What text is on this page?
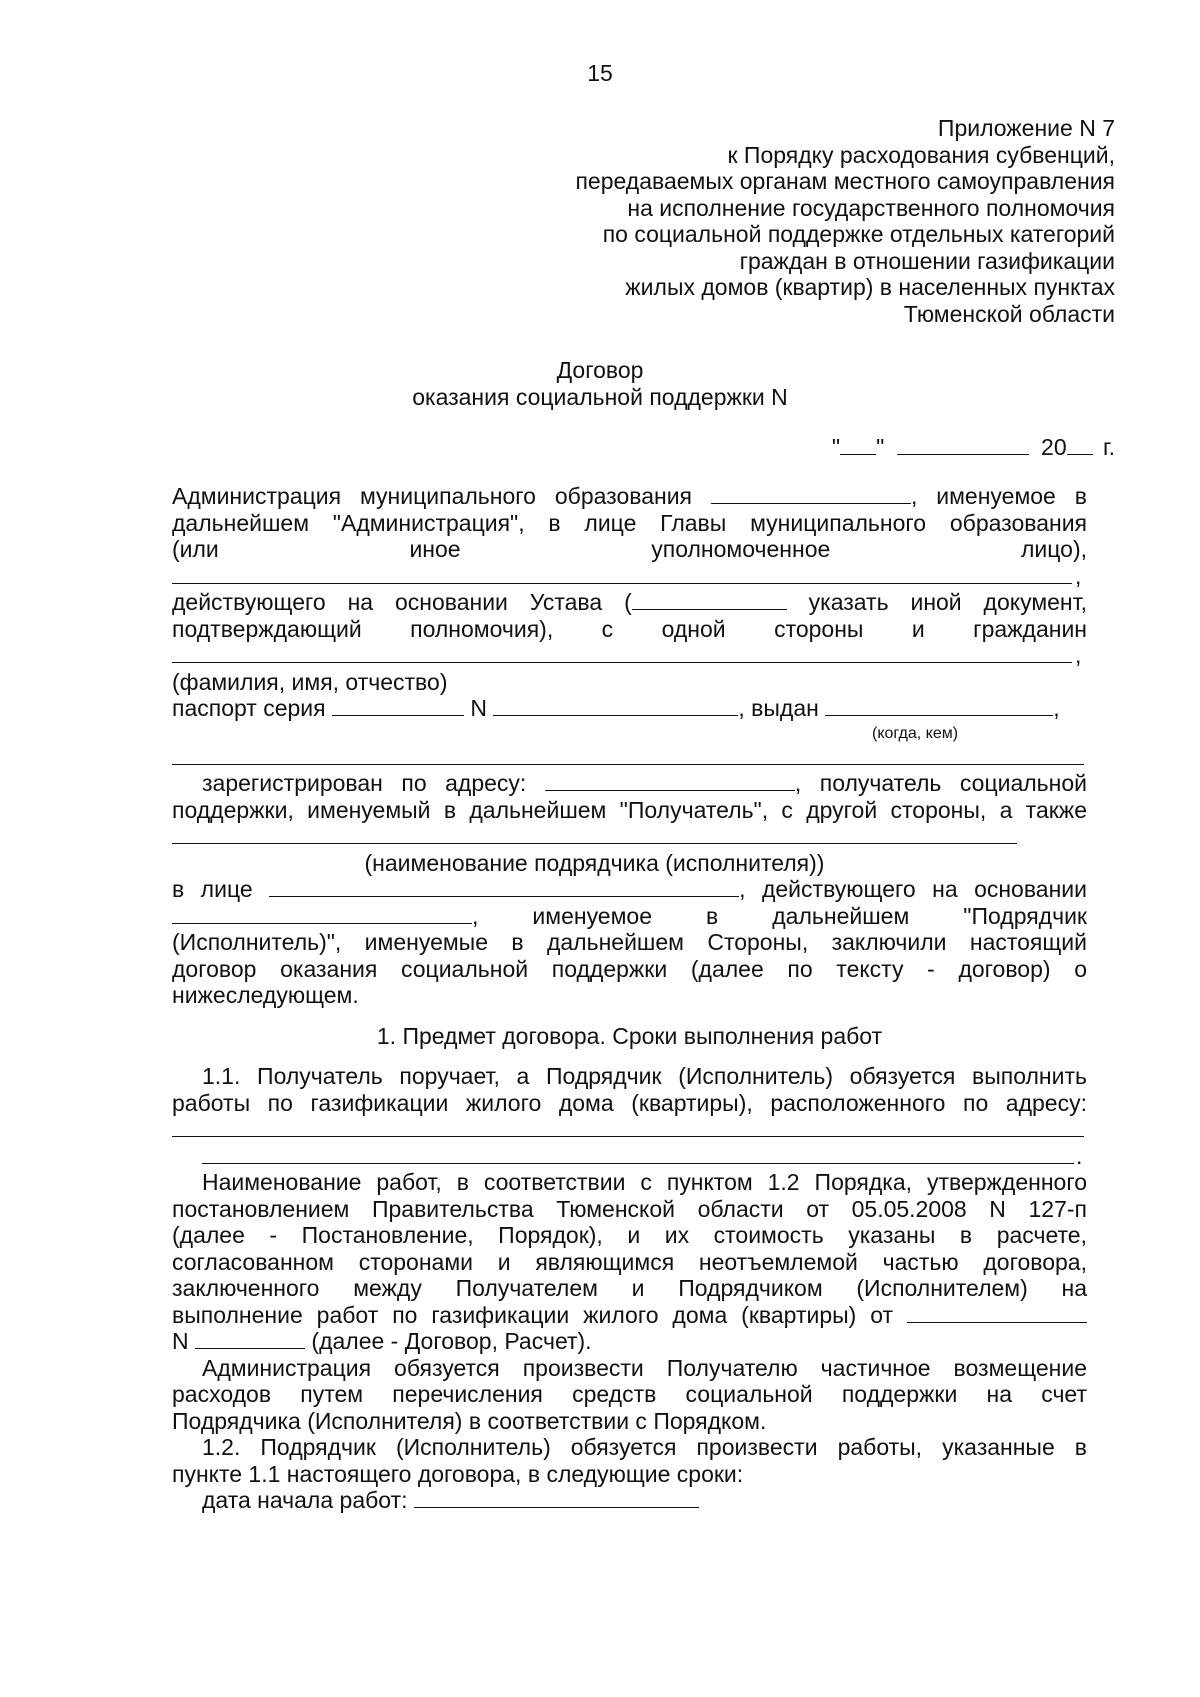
15
Приложение N 7
к Порядку расходования субвенций,
передаваемых органам местного самоуправления
на исполнение государственного полномочия
по социальной поддержке отдельных категорий
граждан в отношении газификации
жилых домов (квартир) в населенных пунктах
Тюменской области
Договор
оказания социальной поддержки N
" "	20 г.
Администрация муниципального образования	, именуемое в
дальнейшем "Администрация", в лице Главы муниципального образования
(или иное уполномоченное лицо),
,
действующего на основании Устава (	указать иной документ,
подтверждающий полномочия), с одной стороны и гражданин
,
(фамилия, имя, отчество)
паспорт серия	N	, выдан	,
(когда, кем)
зарегистрирован по адресу:	, получатель социальной
поддержки, именуемый в дальнейшем "Получатель", с другой стороны, а также
(наименование подрядчика (исполнителя))
в лице	, действующего на основании
, именуемое в дальнейшем "Подрядчик
(Исполнитель)", именуемые в дальнейшем Стороны, заключили настоящий
договор оказания социальной поддержки (далее по тексту - договор) о
нижеследующем.
1. Предмет договора. Сроки выполнения работ
1.1. Получатель поручает, а Подрядчик (Исполнитель) обязуется выполнить
работы по газификации жилого дома (квартиры), расположенного по адресу:
.
Наименование работ, в соответствии с пунктом 1.2 Порядка, утвержденного
постановлением Правительства Тюменской области от 05.05.2008 N 127-п
(далее - Постановление, Порядок), и их стоимость указаны в расчете,
согласованном сторонами и являющимся неотъемлемой частью договора,
заключенного между Получателем и Подрядчиком (Исполнителем) на
выполнение работ по газификации жилого дома (квартиры) от
N	(далее - Договор, Расчет).
Администрация обязуется произвести Получателю частичное возмещение
расходов путем перечисления средств социальной поддержки на счет
Подрядчика (Исполнителя) в соответствии с Порядком.
1.2. Подрядчик (Исполнитель) обязуется произвести работы, указанные в
пункте 1.1 настоящего договора, в следующие сроки:
дата начала работ:
